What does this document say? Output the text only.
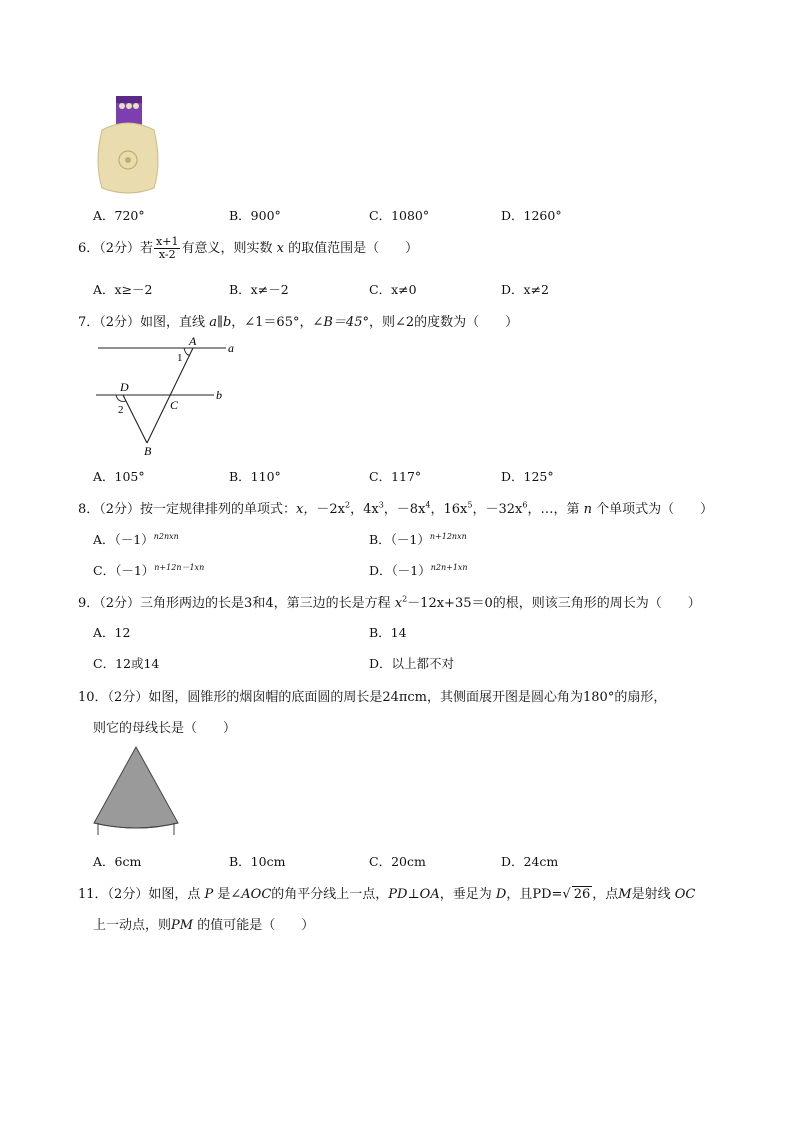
A．720°	B．900°	C．1080°	D．1260°
6．（2分）若 $\frac{x+1}{x-2}$ 有意义，则实数 x 的取值范围是（　　）
A．x≥－2	B．x≠－2	C．x≠0	D．x≠2
7．（2分）如图，直线 a∥b，∠1＝65°，∠B＝45°，则∠2的度数为（　　）
A	a
1
D
b
2	C
B
A．105°	B．110°	C．117°	D．125°
8．（2分）按一定规律排列的单项式：x，$-2x^2$，$4x^3$，$-8x^4$，$16x^5$，$-32x^6$，…，第 n 个单项式为（　　）
A．$(-1)^{n2nxn}$	B．$(-1)^{n+12nxn}$
C．$(-1)^{n+12n-1xn}$	D．$(-1)^{n2n+1xn}$
9．（2分）三角形两边的长是3和4，第三边的长是方程 $x^2-12x+35=0$的根，则该三角形的周长为（　　）
A．12	B．14
C．12或14	D．以上都不对
10．（2分）如图，圆锥形的烟囱帽的底面圆的周长是24πcm，其侧面展开图是圆心角为180°的扇形，
则它的母线长是（　　）
A．6cm	B．10cm	C．20cm	D．24cm
11．（2分）如图，点 P 是∠AOC的角平分线上一点，PD⊥OA，垂足为 D，且PD=√ 26 ，点M是射线 OC
上一动点，则PM 的值可能是（　　）
